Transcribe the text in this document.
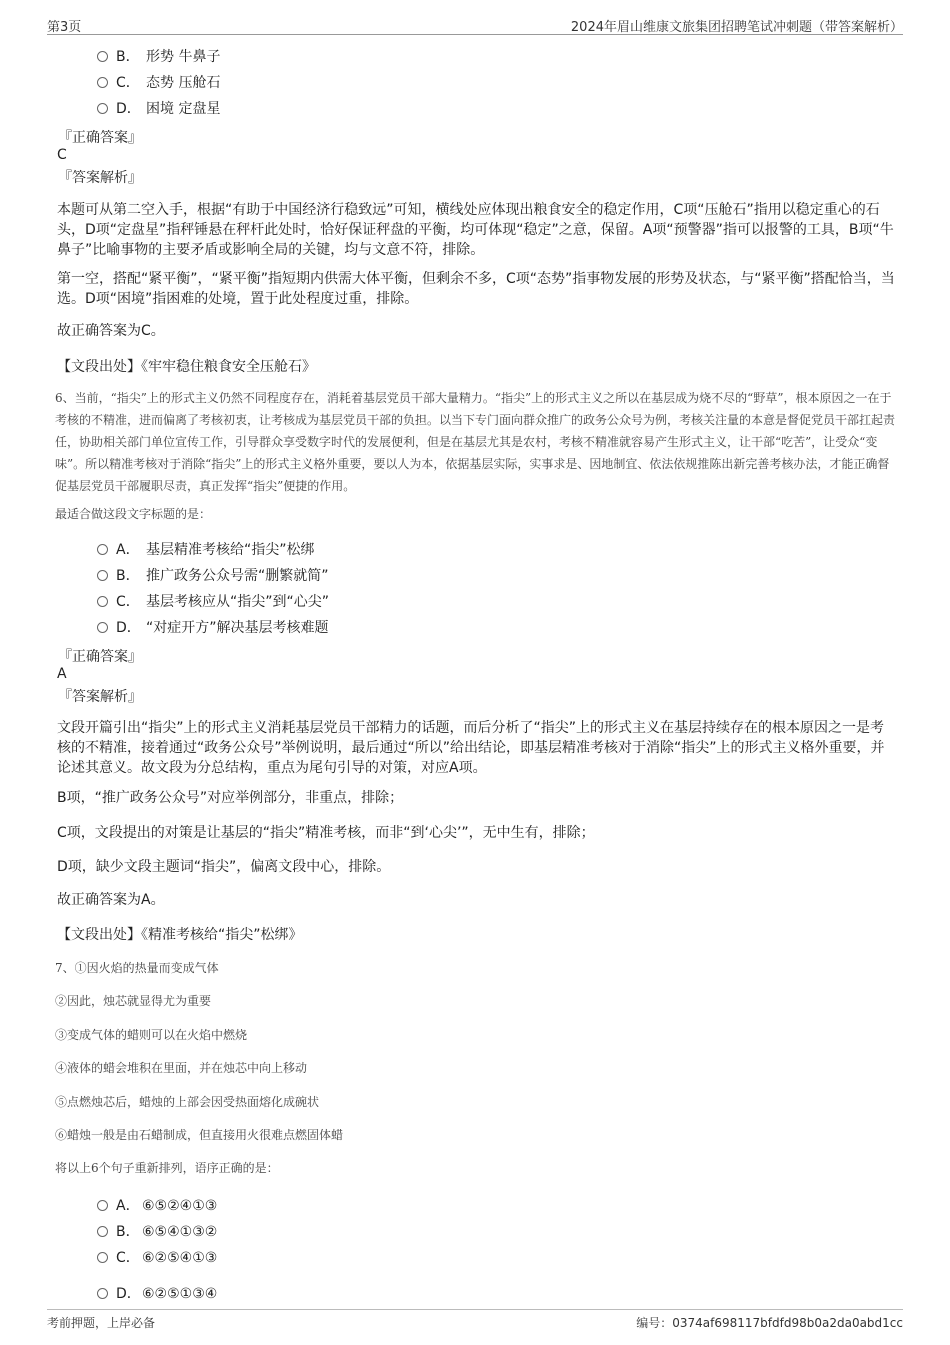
第3页	2024年眉山维康文旅集团招聘笔试冲刺题（带答案解析）
B． 形势 牛鼻子
C． 态势 压舱石
D． 困境 定盘星
『正确答案』
C
『答案解析』

本题可从第二空入手，根据“有助于中国经济行稳致远”可知，横线处应体现出粮食安全的稳定作用，C项“压舱石”指用以稳定重心的石头，D项“定盘星”指秤锤悬在秤杆此处时，恰好保证秤盘的平衡，均可体现“稳定”之意，保留。A项“预警器”指可以报警的工具，B项“牛鼻子”比喻事物的主要矛盾或影响全局的关键，均与文意不符，排除。

第一空，搭配“紧平衡”，“紧平衡”指短期内供需大体平衡，但剩余不多，C项“态势”指事物发展的形势及状态，与“紧平衡”搭配恰当，当选。D项“困境”指困难的处境，置于此处程度过重，排除。

故正确答案为C。

【文段出处】《牢牢稳住粮食安全压舱石》

6、当前，“指尖”上的形式主义仍然不同程度存在，消耗着基层党员干部大量精力。“指尖”上的形式主义之所以在基层成为烧不尽的“野草”，根本原因之一在于考核的不精准，进而偏离了考核初衷，让考核成为基层党员干部的负担。以当下专门面向群众推广的政务公众号为例，考核关注量的本意是督促党员干部扛起责任，协助相关部门单位宣传工作，引导群众享受数字时代的发展便利，但是在基层尤其是农村，考核不精准就容易产生形式主义，让干部“吃苦”，让受众“变味”。所以精准考核对于消除“指尖”上的形式主义格外重要，要以人为本，依据基层实际，实事求是、因地制宜、依法依规推陈出新完善考核办法，才能正确督促基层党员干部履职尽责，真正发挥“指尖”便捷的作用。

最适合做这段文字标题的是：

A． 基层精准考核给“指尖”松绑
B． 推广政务公众号需“删繁就简”
C． 基层考核应从“指尖”到“心尖”
D． “对症开方”解决基层考核难题
『正确答案』
A
『答案解析』

文段开篇引出“指尖”上的形式主义消耗基层党员干部精力的话题，而后分析了“指尖”上的形式主义在基层持续存在的根本原因之一是考核的不精准，接着通过“政务公众号”举例说明，最后通过“所以”给出结论，即基层精准考核对于消除“指尖”上的形式主义格外重要，并论述其意义。故文段为分总结构，重点为尾句引导的对策，对应A项。

B项，“推广政务公众号”对应举例部分，非重点，排除；

C项，文段提出的对策是让基层的“指尖”精准考核，而非“到‘心尖’”，无中生有，排除；

D项，缺少文段主题词“指尖”，偏离文段中心，排除。

故正确答案为A。

【文段出处】《精准考核给“指尖”松绑》

7、①因火焰的热量而变成气体

②因此，烛芯就显得尤为重要

③变成气体的蜡则可以在火焰中燃烧

④液体的蜡会堆积在里面，并在烛芯中向上移动

⑤点燃烛芯后，蜡烛的上部会因受热面熔化成碗状

⑥蜡烛一般是由石蜡制成，但直接用火很难点燃固体蜡

将以上6个句子重新排列，语序正确的是：

A． ⑥⑤②④①③
B． ⑥⑤④①③②
C． ⑥②⑤④①③
D．⑥②⑤①③④
考前押题，上岸必备	编号：0374af698117bfdfd98b0a2da0abd1cc
